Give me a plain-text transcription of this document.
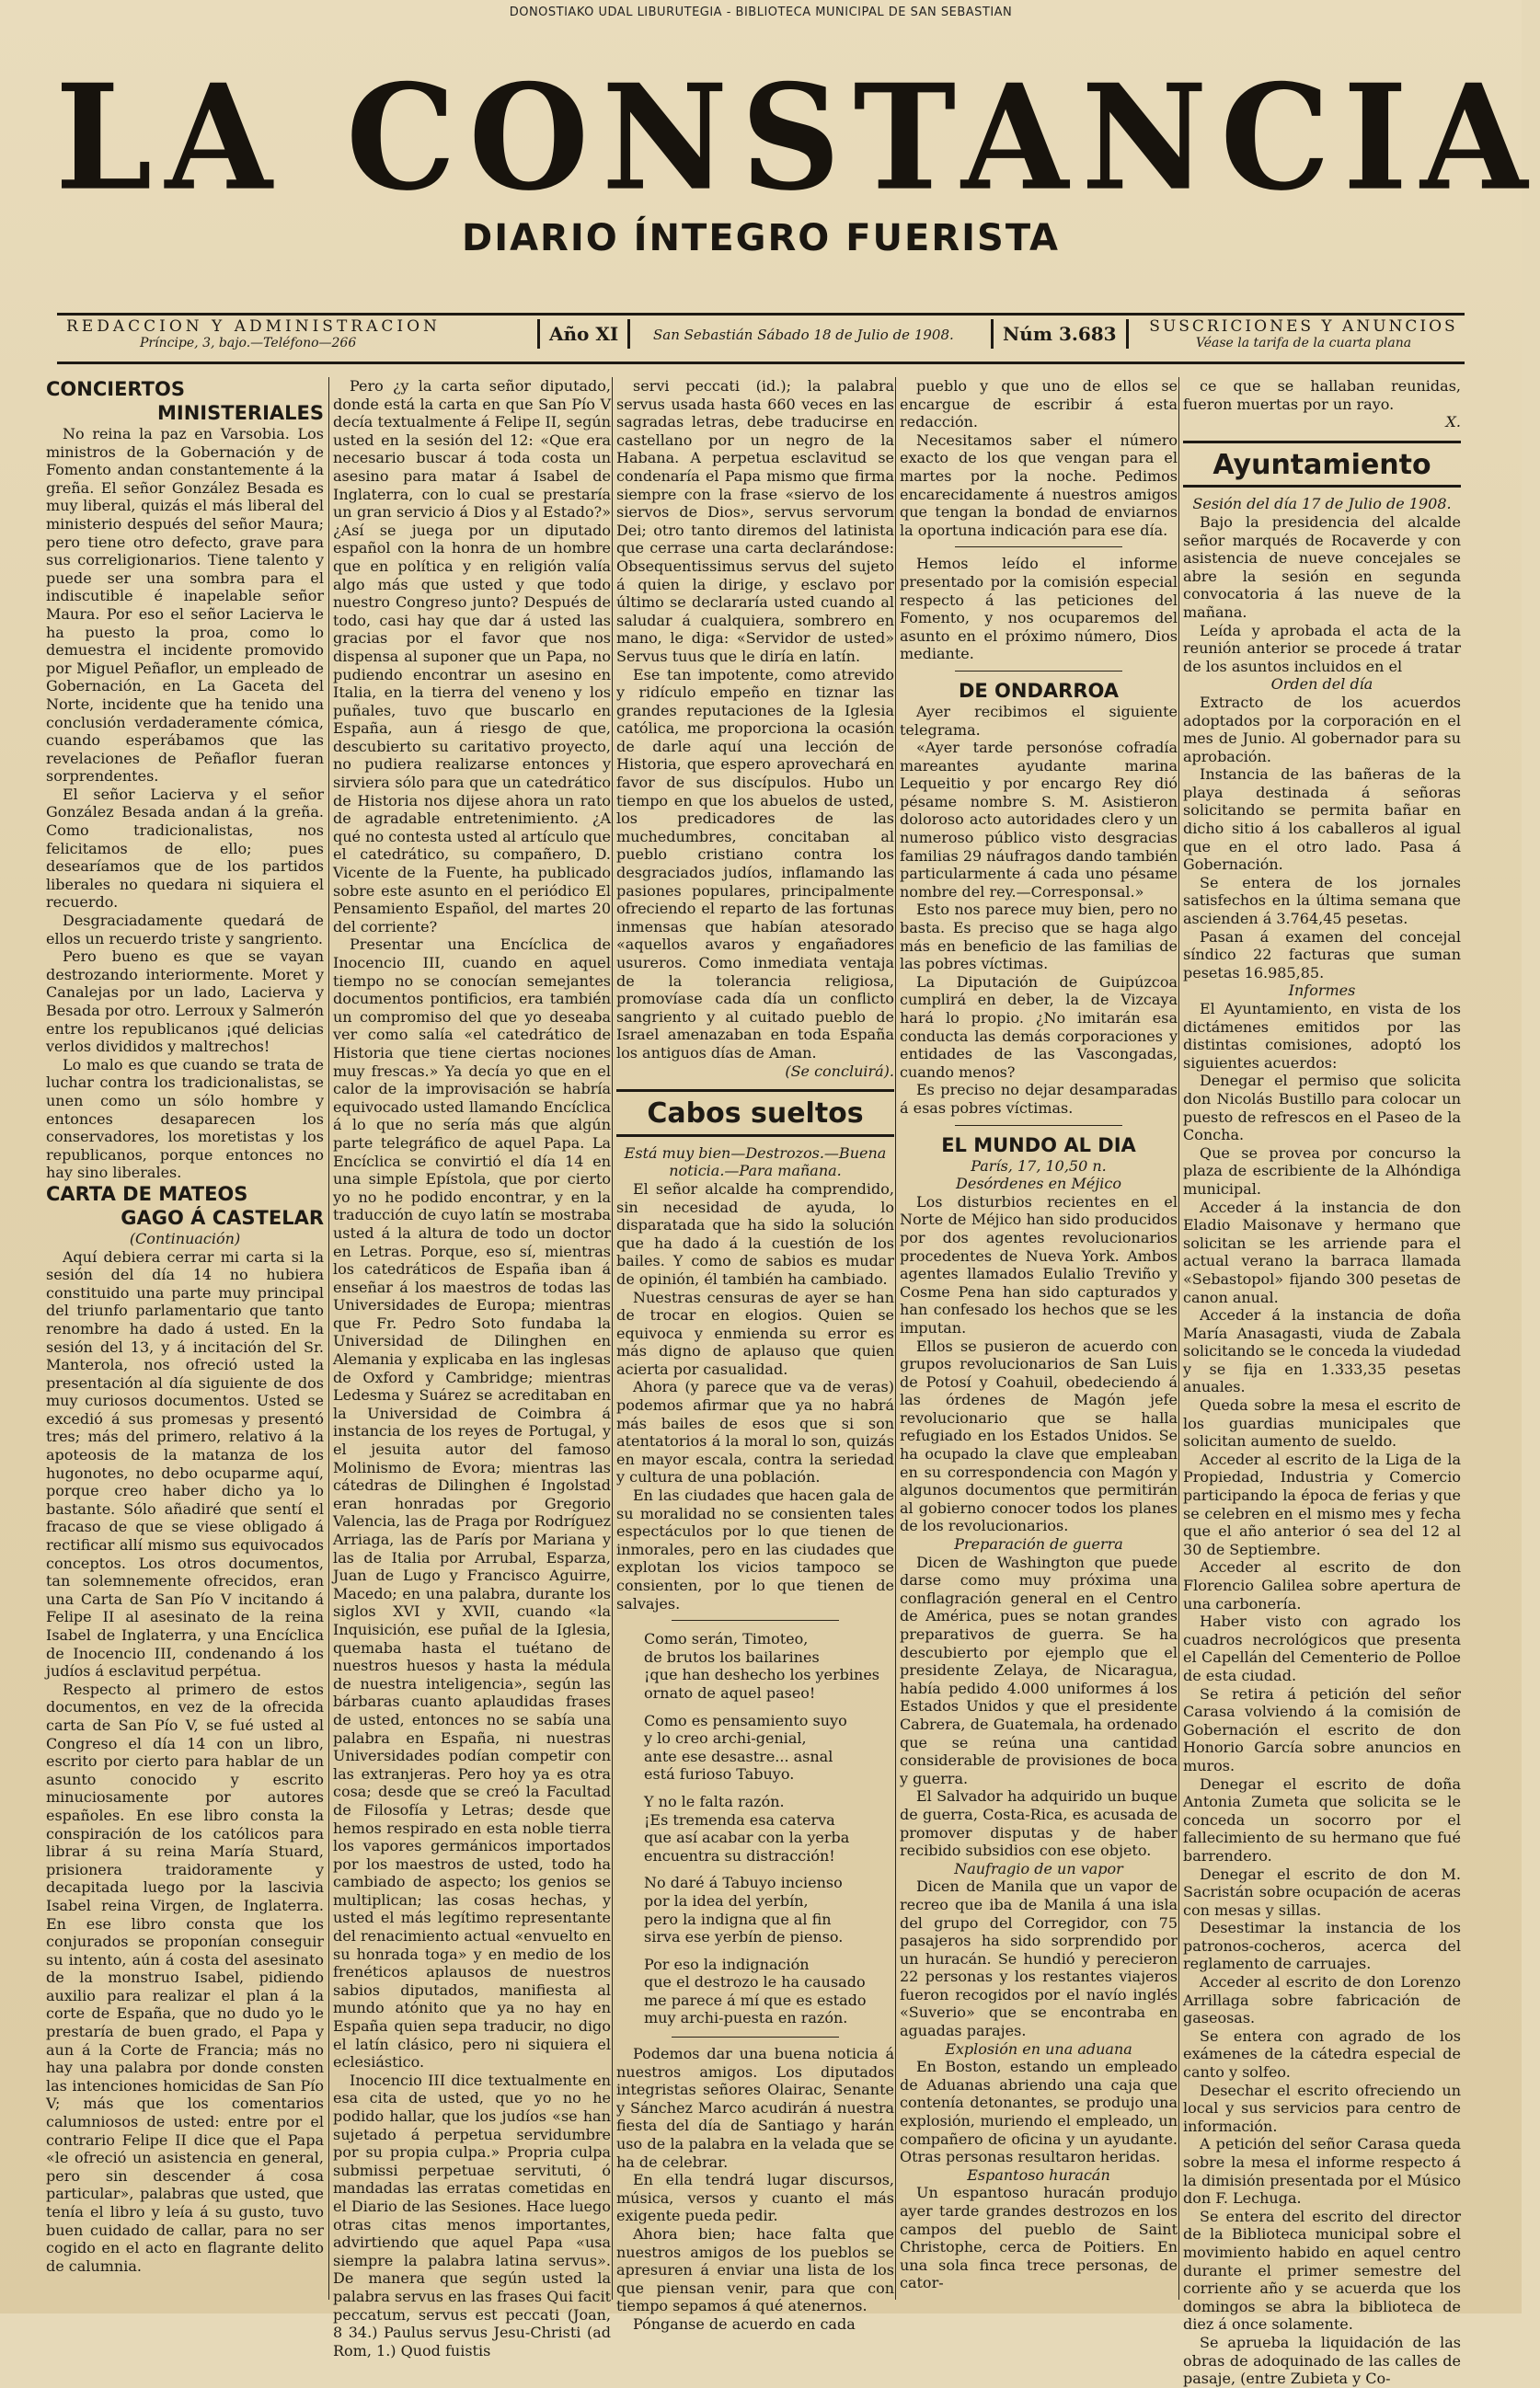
DONOSTIAKO UDAL LIBURUTEGIA - BIBLIOTECA MUNICIPAL DE SAN SEBASTIAN
LA CONSTANCIA
DIARIO ÍNTEGRO FUERISTA
REDACCION Y ADMINISTRACION
Príncipe, 3, bajo.—Teléfono—266	Año XI	San Sebastián Sábado 18 de Julio de 1908.	Núm 3.683	SUSCRICIONES Y ANUNCIOS
Véase la tarifa de la cuarta plana

CONCIERTOS

MINISTERIALES

No reina la paz en Varsobia. Los ministros de la Gobernación y de Fomento andan constantemente á la greña. El señor González Besada es muy liberal, quizás el más liberal del ministerio después del señor Maura; pero tiene otro defecto, grave para sus correligionarios. Tiene talento y puede ser una sombra para el indiscutible é inapelable señor Maura. Por eso el señor Lacierva le ha puesto la proa, como lo demuestra el incidente promovido por Miguel Peñaflor, un empleado de Gobernación, en La Gaceta del Norte, incidente que ha tenido una conclusión verdaderamente cómica, cuando esperábamos que las revelaciones de Peñaflor fueran sorprendentes.

El señor Lacierva y el señor González Besada andan á la greña. Como tradicionalistas, nos felicitamos de ello; pues desearíamos que de los partidos liberales no quedara ni siquiera el recuerdo.

Desgraciadamente quedará de ellos un recuerdo triste y sangriento.

Pero bueno es que se vayan destrozando interiormente. Moret y Canalejas por un lado, Lacierva y Besada por otro. Lerroux y Salmerón entre los republicanos ¡qué delicias verlos divididos y maltrechos!

Lo malo es que cuando se trata de luchar contra los tradicionalistas, se unen como un sólo hombre y entonces desaparecen los conservadores, los moretistas y los republicanos, porque entonces no hay sino liberales.

CARTA DE MATEOS

GAGO Á CASTELAR

(Continuación)

Aquí debiera cerrar mi carta si la sesión del día 14 no hubiera constituido una parte muy principal del triunfo parlamentario que tanto renombre ha dado á usted. En la sesión del 13, y á incitación del Sr. Manterola, nos ofreció usted la presentación al día siguiente de dos muy curiosos documentos. Usted se excedió á sus promesas y presentó tres; más del primero, relativo á la apoteosis de la matanza de los hugonotes, no debo ocuparme aquí, porque creo haber dicho ya lo bastante. Sólo añadiré que sentí el fracaso de que se viese obligado á rectificar allí mismo sus equivocados conceptos. Los otros documentos, tan solemnemente ofrecidos, eran una Carta de San Pío V incitando á Felipe II al asesinato de la reina Isabel de Inglaterra, y una Encíclica de Inocencio III, condenando á los judíos á esclavitud perpétua.

Respecto al primero de estos documentos, en vez de la ofrecida carta de San Pío V, se fué usted al Congreso el día 14 con un libro, escrito por cierto para hablar de un asunto conocido y escrito minuciosamente por autores españoles. En ese libro consta la conspiración de los católicos para librar á su reina María Stuard, prisionera traidoramente y decapitada luego por la lascivia Isabel reina Virgen, de Inglaterra. En ese libro consta que los conjurados se proponían conseguir su intento, aún á costa del asesinato de la monstruo Isabel, pidiendo auxilio para realizar el plan á la corte de España, que no dudo yo le prestaría de buen grado, el Papa y aun á la Corte de Francia; más no hay una palabra por donde consten las intenciones homicidas de San Pío V; más que los comentarios calumniosos de usted: entre por el contrario Felipe II dice que el Papa «le ofreció un asistencia en general, pero sin descender á cosa particular», palabras que usted, que tenía el libro y leía á su gusto, tuvo buen cuidado de callar, para no ser cogido en el acto en flagrante delito de calumnia.

Pero ¿y la carta señor diputado, donde está la carta en que San Pío V decía textualmente á Felipe II, según usted en la sesión del 12: «Que era necesario buscar á toda costa un asesino para matar á Isabel de Inglaterra, con lo cual se prestaría un gran servicio á Dios y al Estado?» ¿Así se juega por un diputado español con la honra de un hombre que en política y en religión valía algo más que usted y que todo nuestro Congreso junto? Después de todo, casi hay que dar á usted las gracias por el favor que nos dispensa al suponer que un Papa, no pudiendo encontrar un asesino en Italia, en la tierra del veneno y los puñales, tuvo que buscarlo en España, aun á riesgo de que, descubierto su caritativo proyecto, no pudiera realizarse entonces y sirviera sólo para que un catedrático de Historia nos dijese ahora un rato de agradable entretenimiento. ¿A qué no contesta usted al artículo que el catedrático, su compañero, D. Vicente de la Fuente, ha publicado sobre este asunto en el periódico El Pensamiento Español, del martes 20 del corriente?

Presentar una Encíclica de Inocencio III, cuando en aquel tiempo no se conocían semejantes documentos pontificios, era también un compromiso del que yo deseaba ver como salía «el catedrático de Historia que tiene ciertas nociones muy frescas.» Ya decía yo que en el calor de la improvisación se habría equivocado usted llamando Encíclica á lo que no sería más que algún parte telegráfico de aquel Papa. La Encíclica se convirtió el día 14 en una simple Epístola, que por cierto yo no he podido encontrar, y en la traducción de cuyo latín se mostraba usted á la altura de todo un doctor en Letras. Porque, eso sí, mientras los catedráticos de España iban á enseñar á los maestros de todas las Universidades de Europa; mientras que Fr. Pedro Soto fundaba la Universidad de Dilinghen en Alemania y explicaba en las inglesas de Oxford y Cambridge; mientras Ledesma y Suárez se acreditaban en la Universidad de Coimbra á instancia de los reyes de Portugal, y el jesuita autor del famoso Molinismo de Evora; mientras las cátedras de Dilinghen é Ingolstad eran honradas por Gregorio Valencia, las de Praga por Rodríguez Arriaga, las de París por Mariana y las de Italia por Arrubal, Esparza, Juan de Lugo y Francisco Aguirre, Macedo; en una palabra, durante los siglos XVI y XVII, cuando «la Inquisición, ese puñal de la Iglesia, quemaba hasta el tuétano de nuestros huesos y hasta la médula de nuestra inteligencia», según las bárbaras cuanto aplaudidas frases de usted, entonces no se sabía una palabra en España, ni nuestras Universidades podían competir con las extranjeras. Pero hoy ya es otra cosa; desde que se creó la Facultad de Filosofía y Letras; desde que hemos respirado en esta noble tierra los vapores germánicos importados por los maestros de usted, todo ha cambiado de aspecto; los genios se multiplican; las cosas hechas, y usted el más legítimo representante del renacimiento actual «envuelto en su honrada toga» y en medio de los frenéticos aplausos de nuestros sabios diputados, manifiesta al mundo atónito que ya no hay en España quien sepa traducir, no digo el latín clásico, pero ni siquiera el eclesiástico.

Inocencio III dice textualmente en esa cita de usted, que yo no he podido hallar, que los judíos «se han sujetado á perpetua servidumbre por su propia culpa.» Propria culpa submissi perpetuae servituti, ó mandadas las erratas cometidas en el Diario de las Sesiones. Hace luego otras citas menos importantes, advirtiendo que aquel Papa «usa siempre la palabra latina servus». De manera que según usted la palabra servus en las frases Qui facit peccatum, servus est peccati (Joan, 8 34.) Paulus servus Jesu-Christi (ad Rom, 1.) Quod fuistis

servi peccati (id.); la palabra servus usada hasta 660 veces en las sagradas letras, debe traducirse en castellano por un negro de la Habana. A perpetua esclavitud se condenaría el Papa mismo que firma siempre con la frase «siervo de los siervos de Dios», servus servorum Dei; otro tanto diremos del latinista que cerrase una carta declarándose: Obsequentissimus servus del sujeto á quien la dirige, y esclavo por último se declararía usted cuando al saludar á cualquiera, sombrero en mano, le diga: «Servidor de usted» Servus tuus que le diría en latín.

Ese tan impotente, como atrevido y ridículo empeño en tiznar las grandes reputaciones de la Iglesia católica, me proporciona la ocasión de darle aquí una lección de Historia, que espero aprovechará en favor de sus discípulos. Hubo un tiempo en que los abuelos de usted, los predicadores de las muchedumbres, concitaban al pueblo cristiano contra los desgraciados judíos, inflamando las pasiones populares, principalmente ofreciendo el reparto de las fortunas inmensas que habían atesorado «aquellos avaros y engañadores usureros. Como inmediata ventaja de la tolerancia religiosa, promovíase cada día un conflicto sangriento y al cuitado pueblo de Israel amenazaban en toda España los antiguos días de Aman.

(Se concluirá).

Cabos sueltos

Está muy bien—Destrozos.—Buena noticia.—Para mañana.

El señor alcalde ha comprendido, sin necesidad de ayuda, lo disparatada que ha sido la solución que ha dado á la cuestión de los bailes. Y como de sabios es mudar de opinión, él también ha cambiado.

Nuestras censuras de ayer se han de trocar en elogios. Quien se equivoca y enmienda su error es más digno de aplauso que quien acierta por casualidad.

Ahora (y parece que va de veras) podemos afirmar que ya no habrá más bailes de esos que si son atentatorios á la moral lo son, quizás en mayor escala, contra la seriedad y cultura de una población.

En las ciudades que hacen gala de su moralidad no se consienten tales espectáculos por lo que tienen de inmorales, pero en las ciudades que explotan los vicios tampoco se consienten, por lo que tienen de salvajes.

Como serán, Timoteo,
de brutos los bailarines
¡que han deshecho los yerbines
ornato de aquel paseo!
Como es pensamiento suyo
y lo creo archi-genial,
ante ese desastre... asnal
está furioso Tabuyo.
Y no le falta razón.
¡Es tremenda esa caterva
que así acabar con la yerba
encuentra su distracción!
No daré á Tabuyo incienso
por la idea del yerbín,
pero la indigna que al fin
sirva ese yerbín de pienso.
Por eso la indignación
que el destrozo le ha causado
me parece á mí que es estado
muy archi-puesta en razón.

Podemos dar una buena noticia á nuestros amigos. Los diputados integristas señores Olairac, Senante y Sánchez Marco acudirán á nuestra fiesta del día de Santiago y harán uso de la palabra en la velada que se ha de celebrar.

En ella tendrá lugar discursos, música, versos y cuanto el más exigente pueda pedir.

Ahora bien; hace falta que nuestros amigos de los pueblos se apresuren á enviar una lista de los que piensan venir, para que con tiempo sepamos á qué atenernos.

Pónganse de acuerdo en cada

pueblo y que uno de ellos se encargue de escribir á esta redacción.

Necesitamos saber el número exacto de los que vengan para el martes por la noche. Pedimos encarecidamente á nuestros amigos que tengan la bondad de enviarnos la oportuna indicación para ese día.

Hemos leído el informe presentado por la comisión especial respecto á las peticiones del Fomento, y nos ocuparemos del asunto en el próximo número, Dios mediante.

DE ONDARROA

Ayer recibimos el siguiente telegrama.

«Ayer tarde personóse cofradía mareantes ayudante marina Lequeitio y por encargo Rey dió pésame nombre S. M. Asistieron doloroso acto autoridades clero y un numeroso público visto desgracias familias 29 náufragos dando también particularmente á cada uno pésame nombre del rey.—Corresponsal.»

Esto nos parece muy bien, pero no basta. Es preciso que se haga algo más en beneficio de las familias de las pobres víctimas.

La Diputación de Guipúzcoa cumplirá en deber, la de Vizcaya hará lo propio. ¿No imitarán esa conducta las demás corporaciones y entidades de las Vascongadas, cuando menos?

Es preciso no dejar desamparadas á esas pobres víctimas.

EL MUNDO AL DIA

París, 17, 10,50 n.

Desórdenes en Méjico

Los disturbios recientes en el Norte de Méjico han sido producidos por dos agentes revolucionarios procedentes de Nueva York. Ambos agentes llamados Eulalio Treviño y Cosme Pena han sido capturados y han confesado los hechos que se les imputan.

Ellos se pusieron de acuerdo con grupos revolucionarios de San Luis de Potosí y Coahuil, obedeciendo á las órdenes de Magón jefe revolucionario que se halla refugiado en los Estados Unidos. Se ha ocupado la clave que empleaban en su correspondencia con Magón y algunos documentos que permitirán al gobierno conocer todos los planes de los revolucionarios.

Preparación de guerra

Dicen de Washington que puede darse como muy próxima una conflagración general en el Centro de América, pues se notan grandes preparativos de guerra. Se ha descubierto por ejemplo que el presidente Zelaya, de Nicaragua, había pedido 4.000 uniformes á los Estados Unidos y que el presidente Cabrera, de Guatemala, ha ordenado que se reúna una cantidad considerable de provisiones de boca y guerra.

El Salvador ha adquirido un buque de guerra, Costa-Rica, es acusada de promover disputas y de haber recibido subsidios con ese objeto.

Naufragio de un vapor

Dicen de Manila que un vapor de recreo que iba de Manila á una isla del grupo del Corregidor, con 75 pasajeros ha sido sorprendido por un huracán. Se hundió y perecieron 22 personas y los restantes viajeros fueron recogidos por el navío inglés «Suverio» que se encontraba en aguadas parajes.

Explosión en una aduana

En Boston, estando un empleado de Aduanas abriendo una caja que contenía detonantes, se produjo una explosión, muriendo el empleado, un compañero de oficina y un ayudante. Otras personas resultaron heridas.

Espantoso huracán

Un espantoso huracán produjo ayer tarde grandes destrozos en los campos del pueblo de Saint Christophe, cerca de Poitiers. En una sola finca trece personas, de cator-

ce que se hallaban reunidas, fueron muertas por un rayo.

X.

Ayuntamiento

Sesión del día 17 de Julio de 1908.

Bajo la presidencia del alcalde señor marqués de Rocaverde y con asistencia de nueve concejales se abre la sesión en segunda convocatoria á las nueve de la mañana.

Leída y aprobada el acta de la reunión anterior se procede á tratar de los asuntos incluidos en el

Orden del día

Extracto de los acuerdos adoptados por la corporación en el mes de Junio. Al gobernador para su aprobación.

Instancia de las bañeras de la playa destinada á señoras solicitando se permita bañar en dicho sitio á los caballeros al igual que en el otro lado. Pasa á Gobernación.

Se entera de los jornales satisfechos en la última semana que ascienden á 3.764,45 pesetas.

Pasan á examen del concejal síndico 22 facturas que suman pesetas 16.985,85.

Informes

El Ayuntamiento, en vista de los dictámenes emitidos por las distintas comisiones, adoptó los siguientes acuerdos:

Denegar el permiso que solicita don Nicolás Bustillo para colocar un puesto de refrescos en el Paseo de la Concha.

Que se provea por concurso la plaza de escribiente de la Alhóndiga municipal.

Acceder á la instancia de don Eladio Maisonave y hermano que solicitan se les arriende para el actual verano la barraca llamada «Sebastopol» fijando 300 pesetas de canon anual.

Acceder á la instancia de doña María Anasagasti, viuda de Zabala solicitando se le conceda la viudedad y se fija en 1.333,35 pesetas anuales.

Queda sobre la mesa el escrito de los guardias municipales que solicitan aumento de sueldo.

Acceder al escrito de la Liga de la Propiedad, Industria y Comercio participando la época de ferias y que se celebren en el mismo mes y fecha que el año anterior ó sea del 12 al 30 de Septiembre.

Acceder al escrito de don Florencio Galilea sobre apertura de una carbonería.

Haber visto con agrado los cuadros necrológicos que presenta el Capellán del Cementerio de Polloe de esta ciudad.

Se retira á petición del señor Carasa volviendo á la comisión de Gobernación el escrito de don Honorio García sobre anuncios en muros.

Denegar el escrito de doña Antonia Zumeta que solicita se le conceda un socorro por el fallecimiento de su hermano que fué barrendero.

Denegar el escrito de don M. Sacristán sobre ocupación de aceras con mesas y sillas.

Desestimar la instancia de los patronos-cocheros, acerca del reglamento de carruajes.

Acceder al escrito de don Lorenzo Arrillaga sobre fabricación de gaseosas.

Se entera con agrado de los exámenes de la cátedra especial de canto y solfeo.

Desechar el escrito ofreciendo un local y sus servicios para centro de información.

A petición del señor Carasa queda sobre la mesa el informe respecto á la dimisión presentada por el Músico don F. Lechuga.

Se entera del escrito del director de la Biblioteca municipal sobre el movimiento habido en aquel centro durante el primer semestre del corriente año y se acuerda que los domingos se abra la biblioteca de diez á once solamente.

Se aprueba la liquidación de las obras de adoquinado de las calles de pasaje, (entre Zubieta y Co-
